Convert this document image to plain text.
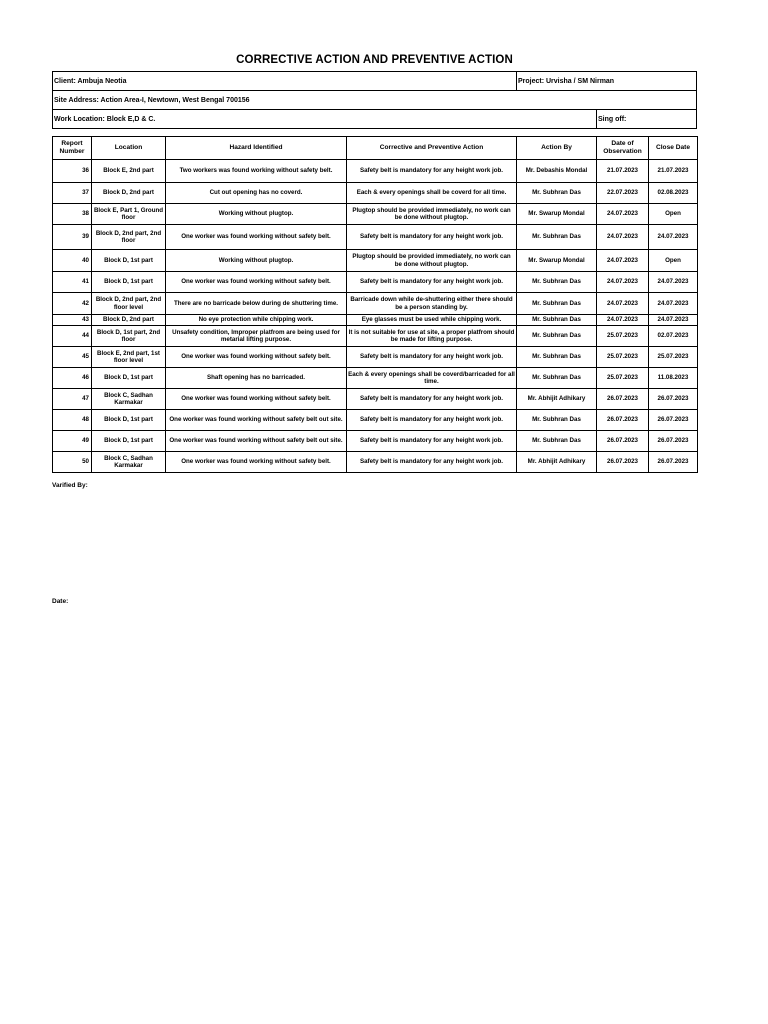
CORRECTIVE ACTION AND PREVENTIVE ACTION
Client: Ambuja Neotia	Project: Urvisha / SM Nirman	
Site Address: Action Area-I, Newtown, West Bengal 700156		
Work Location: Block E,D & C.		Sing off:
Report Number	Location	Hazard Identified	Corrective and Preventive Action	Action By	Date of Observation	Close Date
36	Block E, 2nd part	Two workers was found working without safety belt.	Safety belt is mandatory for any height work job.	Mr. Debashis Mondal	21.07.2023	21.07.2023
37	Block D, 2nd part	Cut out opening has no coverd.	Each & every openings shall be coverd for all time.	Mr. Subhran Das	22.07.2023	02.08.2023
38	Block E, Part 1, Ground floor	Working without plugtop.	Plugtop should be provided immediately, no work can be done without plugtop.	Mr. Swarup Mondal	24.07.2023	Open
39	Block D, 2nd part, 2nd floor	One worker was found working without safety belt.	Safety belt is mandatory for any height work job.	Mr. Subhran Das	24.07.2023	24.07.2023
40	Block D, 1st part	Working without plugtop.	Plugtop should be provided immediately, no work can be done without plugtop.	Mr. Swarup Mondal	24.07.2023	Open
41	Block D, 1st part	One worker was found working without safety belt.	Safety belt is mandatory for any height work job.	Mr. Subhran Das	24.07.2023	24.07.2023
42	Block D, 2nd part, 2nd floor level	There are no barricade below during de shuttering time.	Barricade down while de-shuttering either there should be a person standing by.	Mr. Subhran Das	24.07.2023	24.07.2023
43	Block D, 2nd part	No eye protection while chipping work.	Eye glasses must be used while chipping work.	Mr. Subhran Das	24.07.2023	24.07.2023
44	Block D, 1st part, 2nd floor	Unsafety condition, Improper platfrom are being used for metarial lifting purpose.	It is not suitable for use at site, a proper platfrom should be made for lifting purpose.	Mr. Subhran Das	25.07.2023	02.07.2023
45	Block E, 2nd part, 1st floor level	One worker was found working without safety belt.	Safety belt is mandatory for any height work job.	Mr. Subhran Das	25.07.2023	25.07.2023
46	Block D, 1st part	Shaft opening has no barricaded.	Each & every openings shall be coverd/barricaded for all time.	Mr. Subhran Das	25.07.2023	11.08.2023
47	Block C, Sadhan Karmakar	One worker was found working without safety belt.	Safety belt is mandatory for any height work job.	Mr. Abhijit Adhikary	26.07.2023	26.07.2023
48	Block D, 1st part	One worker was found working without safety belt out site.	Safety belt is mandatory for any height work job.	Mr. Subhran Das	26.07.2023	26.07.2023
49	Block D, 1st part	One worker was found working without safety belt out site.	Safety belt is mandatory for any height work job.	Mr. Subhran Das	26.07.2023	26.07.2023
50	Block C, Sadhan Karmakar	One worker was found working without safety belt.	Safety belt is mandatory for any height work job.	Mr. Abhijit Adhikary	26.07.2023	26.07.2023
Varified By:
Date:
